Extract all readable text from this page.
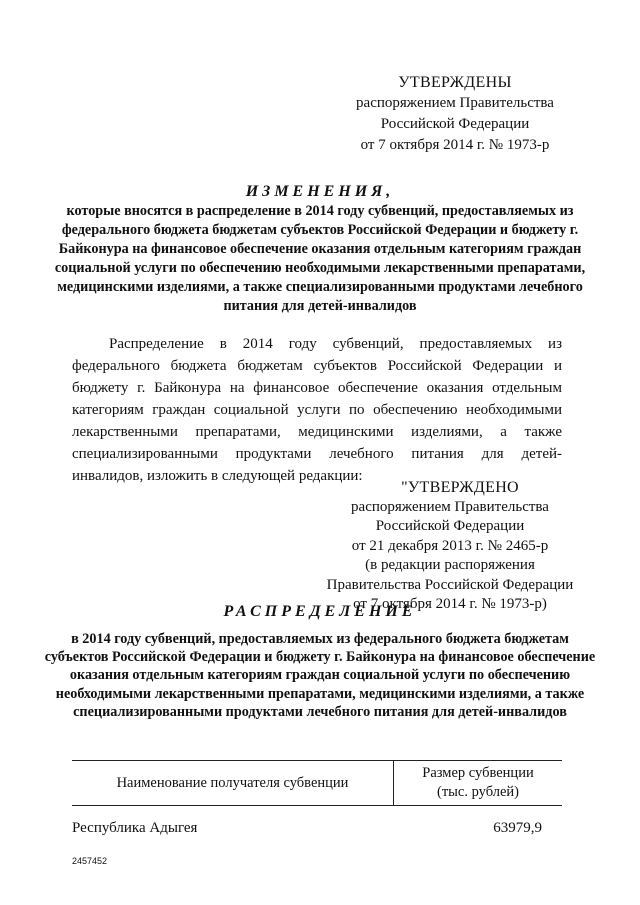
УТВЕРЖДЕНЫ
распоряжением Правительства
Российской Федерации
от 7 октября 2014 г. № 1973-р
ИЗМЕНЕНИЯ,
которые вносятся в распределение в 2014 году субвенций, предоставляемых из федерального бюджета бюджетам субъектов Российской Федерации и бюджету г. Байконура на финансовое обеспечение оказания отдельным категориям граждан социальной услуги по обеспечению необходимыми лекарственными препаратами, медицинскими изделиями, а также специализированными продуктами лечебного питания для детей-инвалидов
Распределение в 2014 году субвенций, предоставляемых из федерального бюджета бюджетам субъектов Российской Федерации и бюджету г. Байконура на финансовое обеспечение оказания отдельным категориям граждан социальной услуги по обеспечению необходимыми лекарственными препаратами, медицинскими изделиями, а также специализированными продуктами лечебного питания для детей-инвалидов, изложить в следующей редакции:
"УТВЕРЖДЕНО
распоряжением Правительства
Российской Федерации
от 21 декабря 2013 г. № 2465-р
(в редакции распоряжения
Правительства Российской Федерации
от 7 октября 2014 г. № 1973-р)
РАСПРЕДЕЛЕНИЕ
в 2014 году субвенций, предоставляемых из федерального бюджета бюджетам субъектов Российской Федерации и бюджету г. Байконура на финансовое обеспечение оказания отдельным категориям граждан социальной услуги по обеспечению необходимыми лекарственными препаратами, медицинскими изделиями, а также специализированными продуктами лечебного питания для детей-инвалидов
Наименование получателя субвенции
Размер субвенции
(тыс. рублей)
Республика Адыгея	63979,9
2457452
